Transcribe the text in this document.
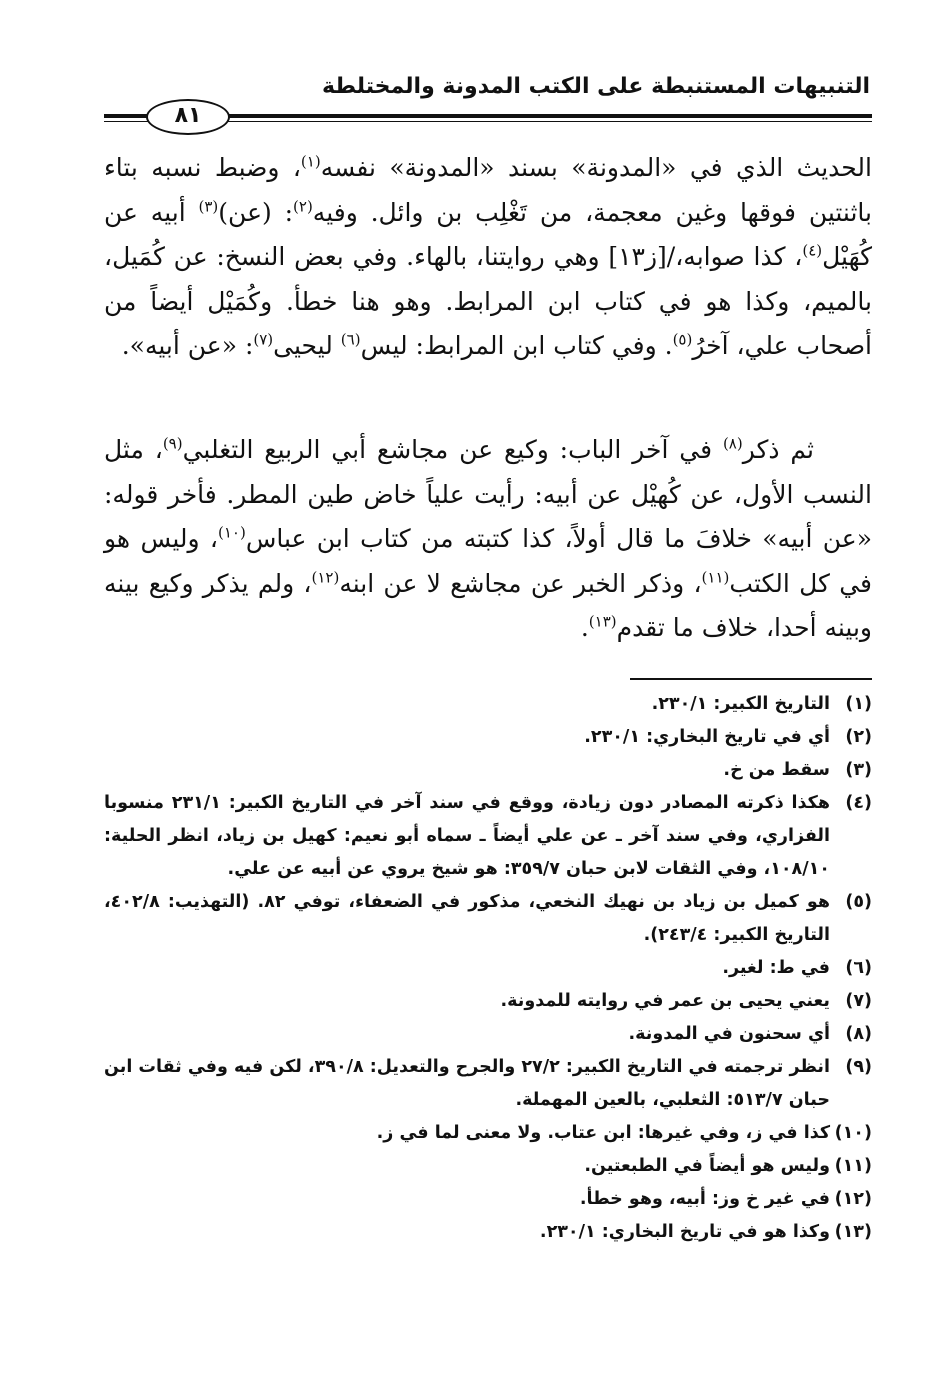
التنبيهات المستنبطة على الكتب المدونة والمختلطة
٨١

الحديث الذي في «المدونة» بسند «المدونة» نفسه$^{(١)}$، وضبط نسبه بتاء باثنتين فوقها وغين معجمة، من تَغْلِب بن وائل. وفيه$^{(٢)}$: (عن)$^{(٣)}$ أبيه عن كُهَيْل$^{(٤)}$، كذا صوابه،/[ز١٣] وهي روايتنا، بالهاء. وفي بعض النسخ: عن كُمَيل، بالميم، وكذا هو في كتاب ابن المرابط. وهو هنا خطأ. وكُمَيْل أيضاً من أصحاب علي، آخرُ$^{(٥)}$. وفي كتاب ابن المرابط: ليس$^{(٦)}$ ليحيى$^{(٧)}$: «عن أبيه».

ثم ذكر$^{(٨)}$ في آخر الباب: وكيع عن مجاشع أبي الربيع التغلبي$^{(٩)}$، مثل النسب الأول، عن كُهيْل عن أبيه: رأيت علياً خاض طين المطر. فأخر قوله: «عن أبيه» خلافَ ما قال أولاً، كذا كتبته من كتاب ابن عباس$^{(١٠)}$، وليس هو في كل الكتب$^{(١١)}$، وذكر الخبر عن مجاشع لا عن ابنه$^{(١٢)}$، ولم يذكر وكيع بينه وبينه أحدا، خلاف ما تقدم$^{(١٣)}$.

(١)
التاريخ الكبير: ٢٣٠/١.
(٢)
أي في تاريخ البخاري: ٢٣٠/١.
(٣)
سقط من خ.
(٤)
هكذا ذكرته المصادر دون زيادة، ووقع في سند آخر في التاريخ الكبير: ٢٣١/١ منسوبا الفزاري، وفي سند آخر ـ عن علي أيضاً ـ سماه أبو نعيم: كهيل بن زياد، انظر الحلية: ١٠٨/١٠، وفي الثقات لابن حبان ٣٥٩/٧: هو شيخ يروي عن أبيه عن علي.
(٥)
هو كميل بن زياد بن نهيك النخعي، مذكور في الضعفاء، توفي ٨٢. (التهذيب: ٤٠٢/٨، التاريخ الكبير: ٢٤٣/٤).
(٦)
في ط: لغير.
(٧)
يعني يحيى بن عمر في روايته للمدونة.
(٨)
أي سحنون في المدونة.
(٩)
انظر ترجمته في التاريخ الكبير: ٢٧/٢ والجرح والتعديل: ٣٩٠/٨، لكن فيه وفي ثقات ابن حبان ٥١٣/٧: الثعلبي، بالعين المهملة.
(١٠)
كذا في ز، وفي غيرها: ابن عتاب. ولا معنى لما في ز.
(١١)
وليس هو أيضاً في الطبعتين.
(١٢)
في غير خ وز: أبيه، وهو خطأ.
(١٣)
وكذا هو في تاريخ البخاري: ٢٣٠/١.
